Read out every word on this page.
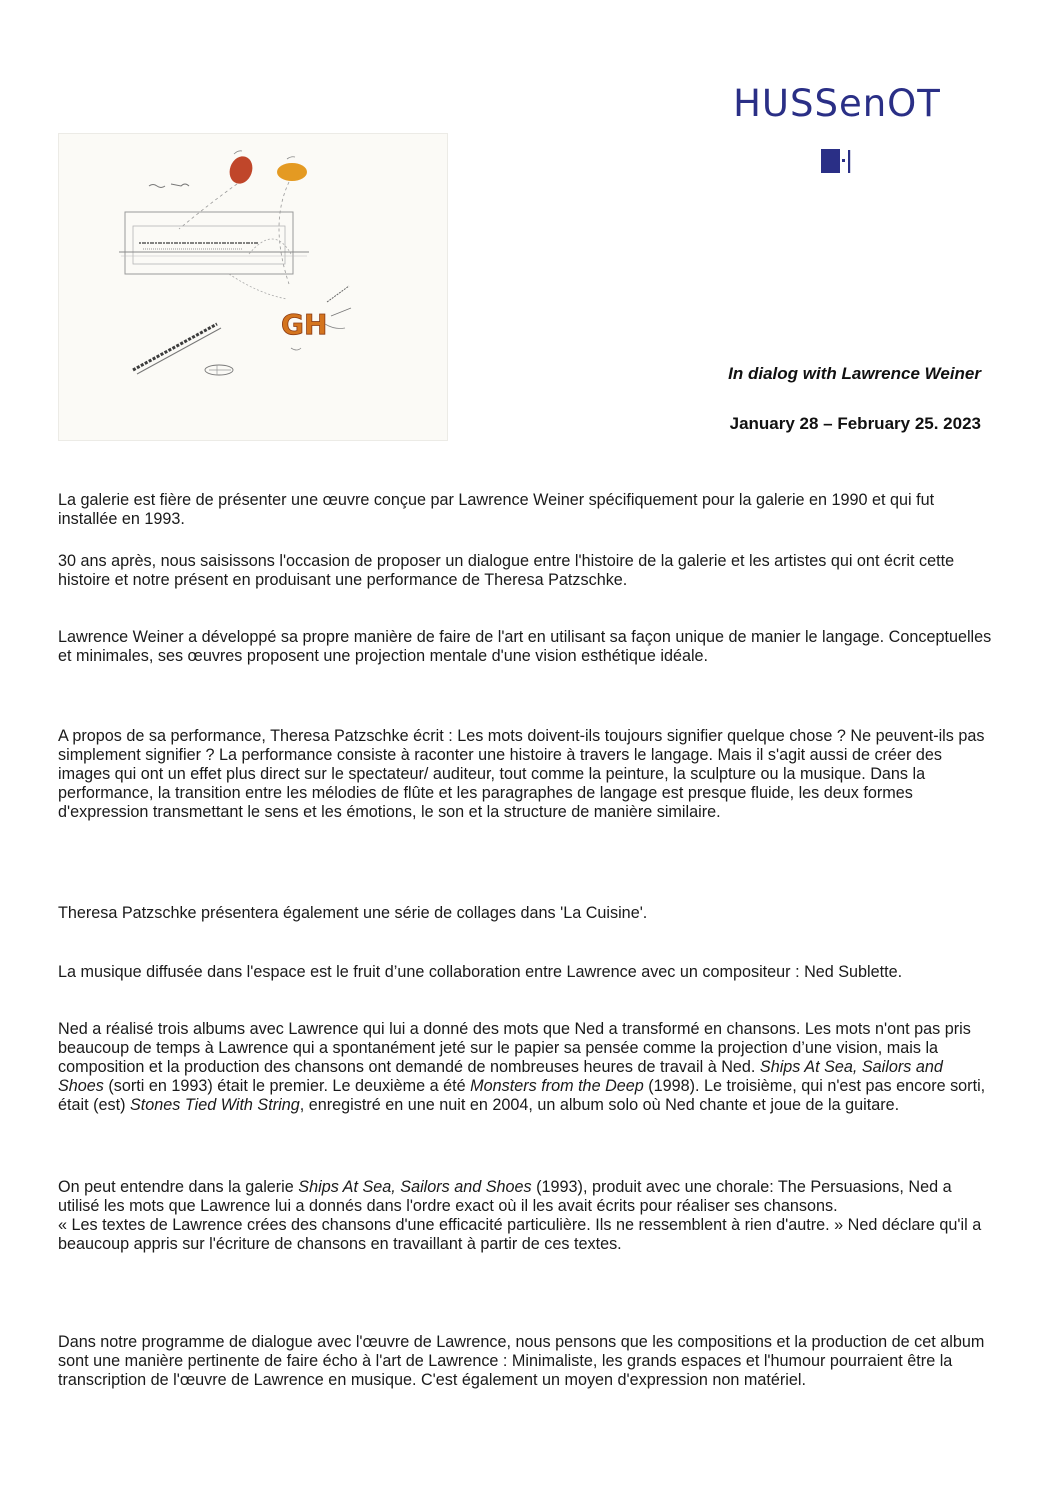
HUSSenOT
GH
In dialog with Lawrence Weiner
January 28 – February 25. 2023

La galerie est fière de présenter une œuvre conçue par Lawrence Weiner spécifiquement pour la galerie en 1990 et qui fut installée en 1993.

30 ans après, nous saisissons l'occasion de proposer un dialogue entre l'histoire de la galerie et les artistes qui ont écrit cette histoire et notre présent en produisant une performance de Theresa Patzschke.

Lawrence Weiner a développé sa propre manière de faire de l'art en utilisant sa façon unique de manier le langage. Conceptuelles et minimales, ses œuvres proposent une projection mentale d'une vision esthétique idéale.

A propos de sa performance, Theresa Patzschke écrit : Les mots doivent-ils toujours signifier quelque chose ? Ne peuvent-ils pas simplement signifier ? La performance consiste à raconter une histoire à travers le langage. Mais il s'agit aussi de créer des images qui ont un effet plus direct sur le spectateur/ auditeur, tout comme la peinture, la sculpture ou la musique. Dans la performance, la transition entre les mélodies de flûte et les paragraphes de langage est presque fluide, les deux formes d'expression transmettant le sens et les émotions, le son et la structure de manière similaire.

Theresa Patzschke présentera également une série de collages dans 'La Cuisine'.

La musique diffusée dans l'espace est le fruit d’une collaboration entre Lawrence avec un compositeur : Ned Sublette.

Ned a réalisé trois albums avec Lawrence qui lui a donné des mots que Ned a transformé en chansons. Les mots n'ont pas pris beaucoup de temps à Lawrence qui a spontanément jeté sur le papier sa pensée comme la projection d’une vision, mais la composition et la production des chansons ont demandé de nombreuses heures de travail à Ned. Ships At Sea, Sailors and Shoes (sorti en 1993) était le premier. Le deuxième a été Monsters from the Deep (1998). Le troisième, qui n'est pas encore sorti, était (est) Stones Tied With String, enregistré en une nuit en 2004, un album solo où Ned chante et joue de la guitare.

On peut entendre dans la galerie Ships At Sea, Sailors and Shoes (1993), produit avec une chorale: The Persuasions, Ned a utilisé les mots que Lawrence lui a donnés dans l'ordre exact où il les avait écrits pour réaliser ses chansons.
« Les textes de Lawrence crées des chansons d'une efficacité particulière. Ils ne ressemblent à rien d'autre. » Ned déclare qu'il a beaucoup appris sur l'écriture de chansons en travaillant à partir de ces textes.

Dans notre programme de dialogue avec l'œuvre de Lawrence, nous pensons que les compositions et la production de cet album sont une manière pertinente de faire écho à l'art de Lawrence : Minimaliste, les grands espaces et l'humour pourraient être la transcription de l'œuvre de Lawrence en musique. C'est également un moyen d'expression non matériel.
